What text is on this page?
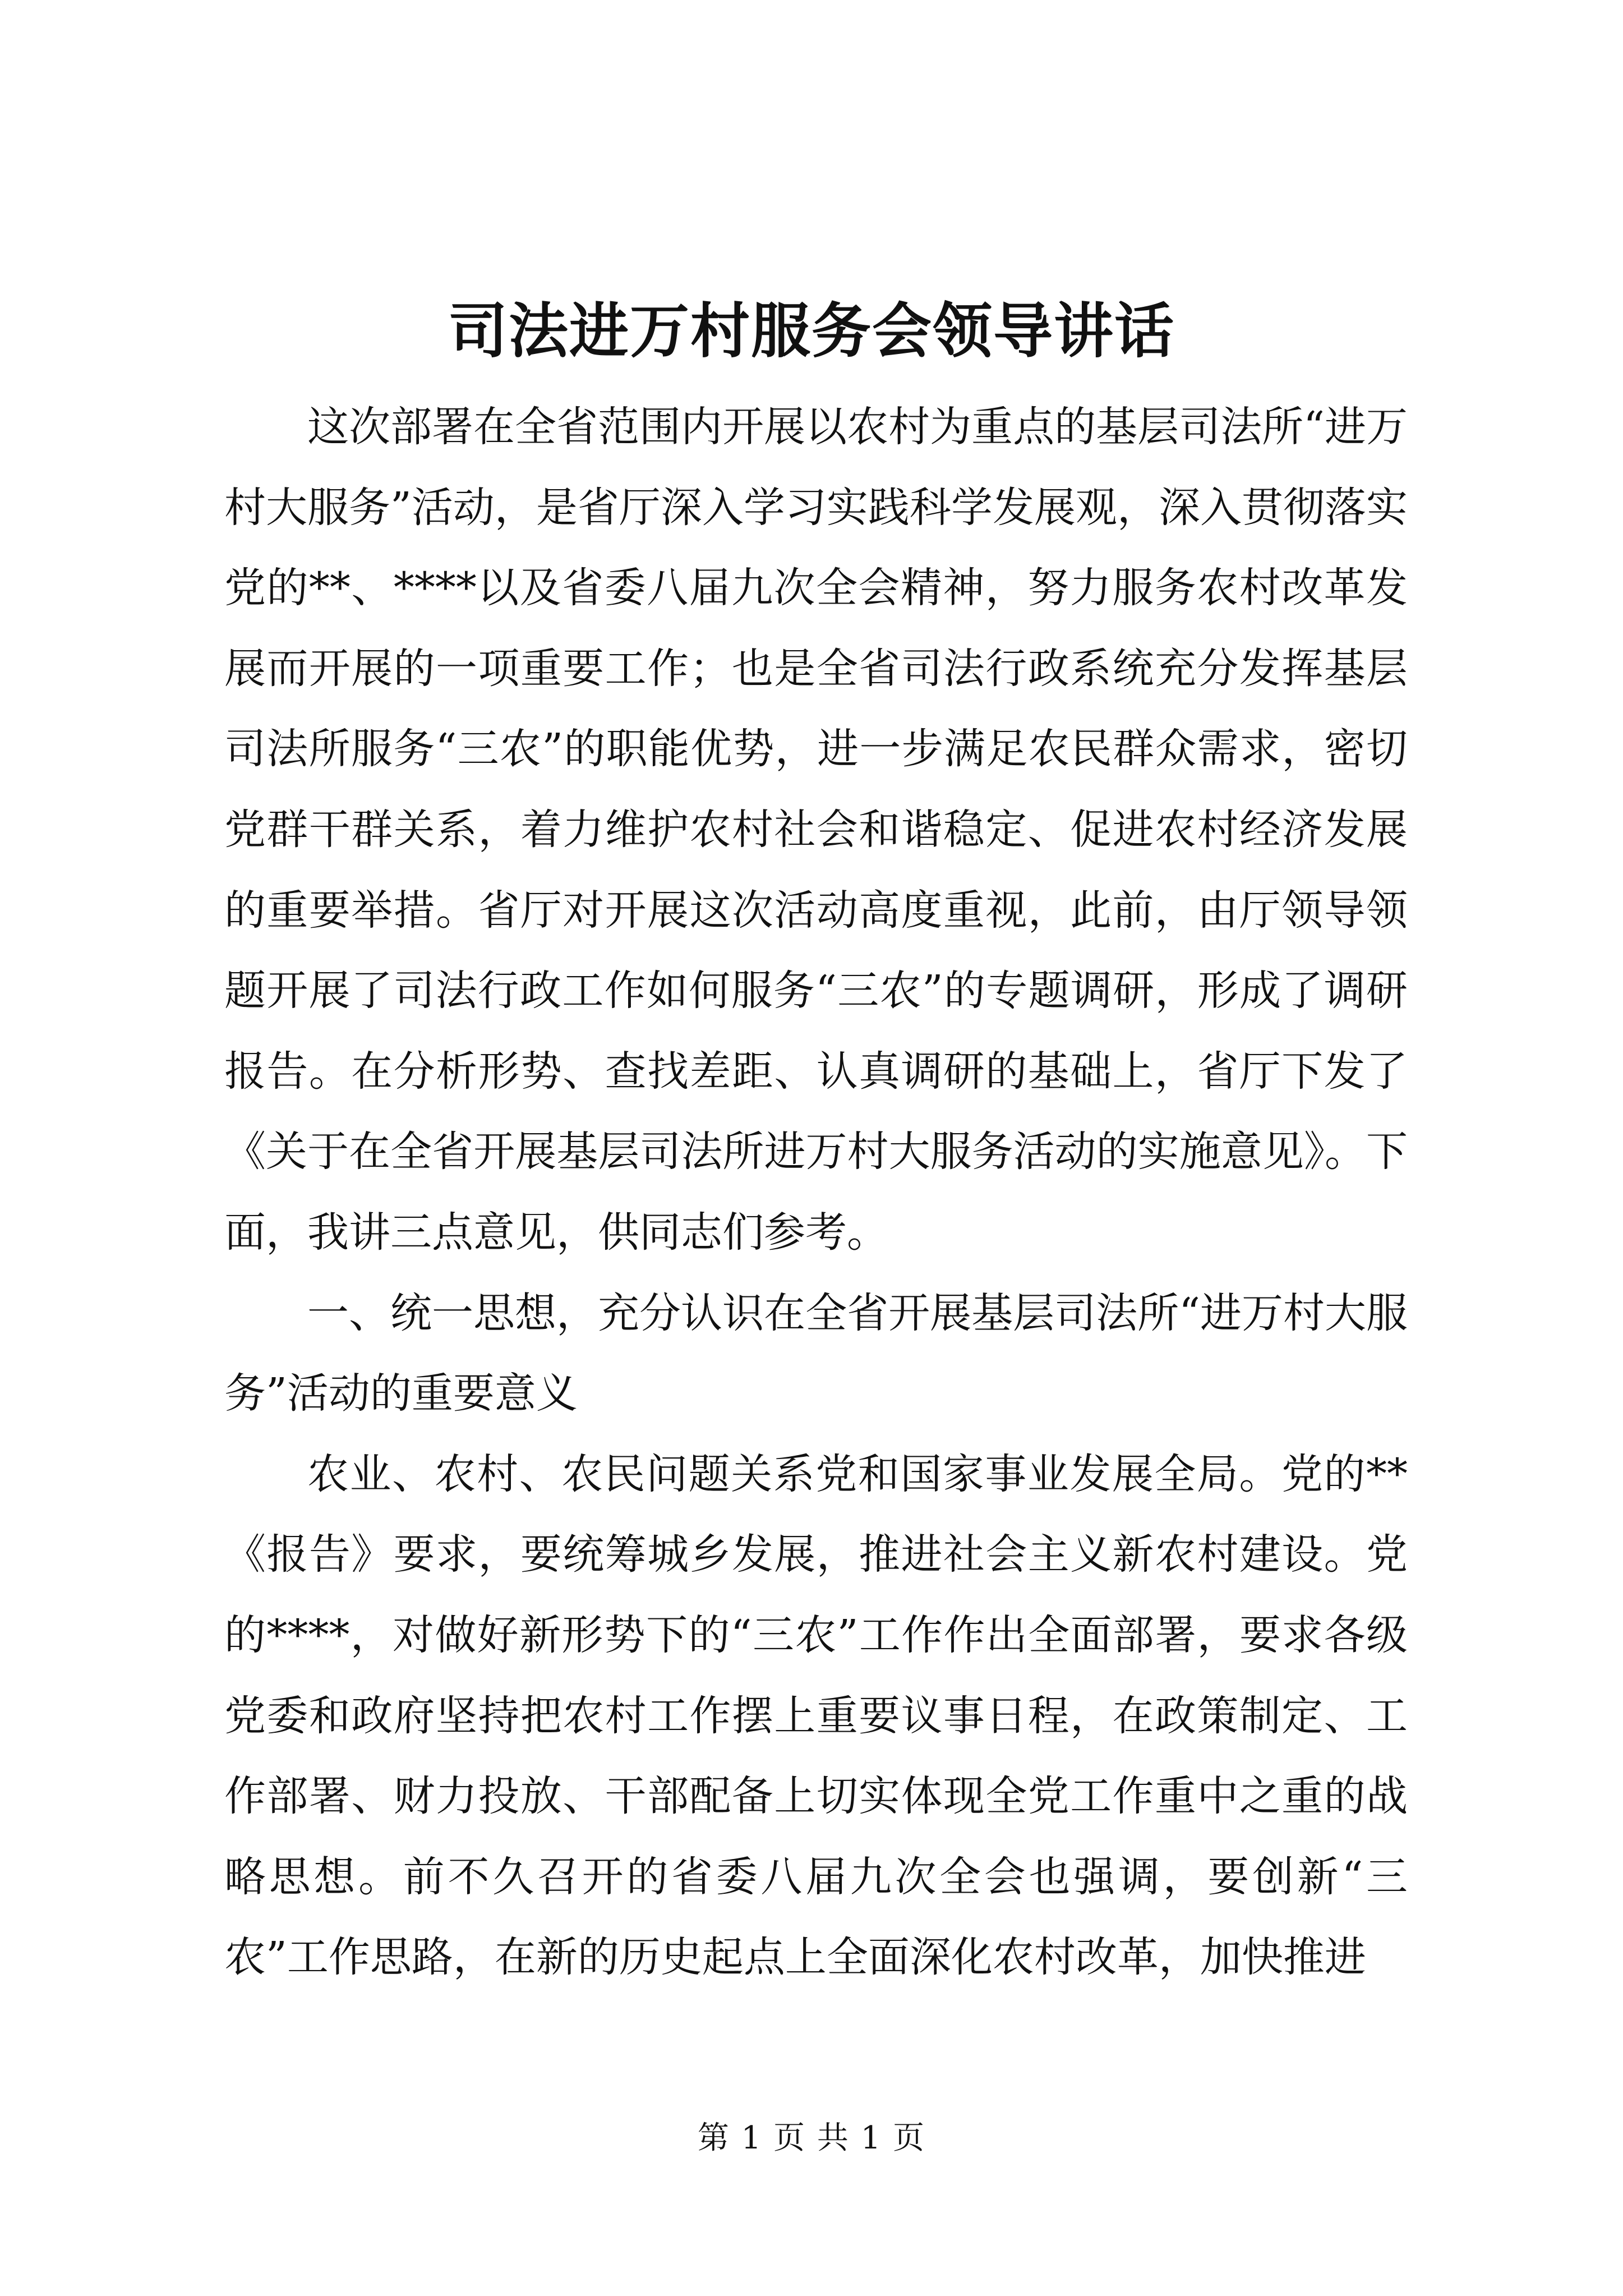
司法进万村服务会领导讲话

这次部署在全省范围内开展以农村为重点的基层司法所“进万村大服务”活动，是省厅深入学习实践科学发展观，深入贯彻落实党的**、****以及省委八届九次全会精神，努力服务农村改革发展而开展的一项重要工作；也是全省司法行政系统充分发挥基层司法所服务“三农”的职能优势，进一步满足农民群众需求，密切党群干群关系，着力维护农村社会和谐稳定、促进农村经济发展的重要举措。省厅对开展这次活动高度重视，此前，由厅领导领题开展了司法行政工作如何服务“三农”的专题调研，形成了调研报告。在分析形势、查找差距、认真调研的基础上，省厅下发了《关于在全省开展基层司法所进万村大服务活动的实施意见》。下面，我讲三点意见，供同志们参考。

一、统一思想，充分认识在全省开展基层司法所“进万村大服务”活动的重要意义

农业、农村、农民问题关系党和国家事业发展全局。党的**《报告》要求，要统筹城乡发展，推进社会主义新农村建设。党的****，对做好新形势下的“三农”工作作出全面部署，要求各级党委和政府坚持把农村工作摆上重要议事日程，在政策制定、工作部署、财力投放、干部配备上切实体现全党工作重中之重的战略思想。前不久召开的省委八届九次全会也强调，要创新“三农”工作思路，在新的历史起点上全面深化农村改革，加快推进

第 1 页 共 1 页
